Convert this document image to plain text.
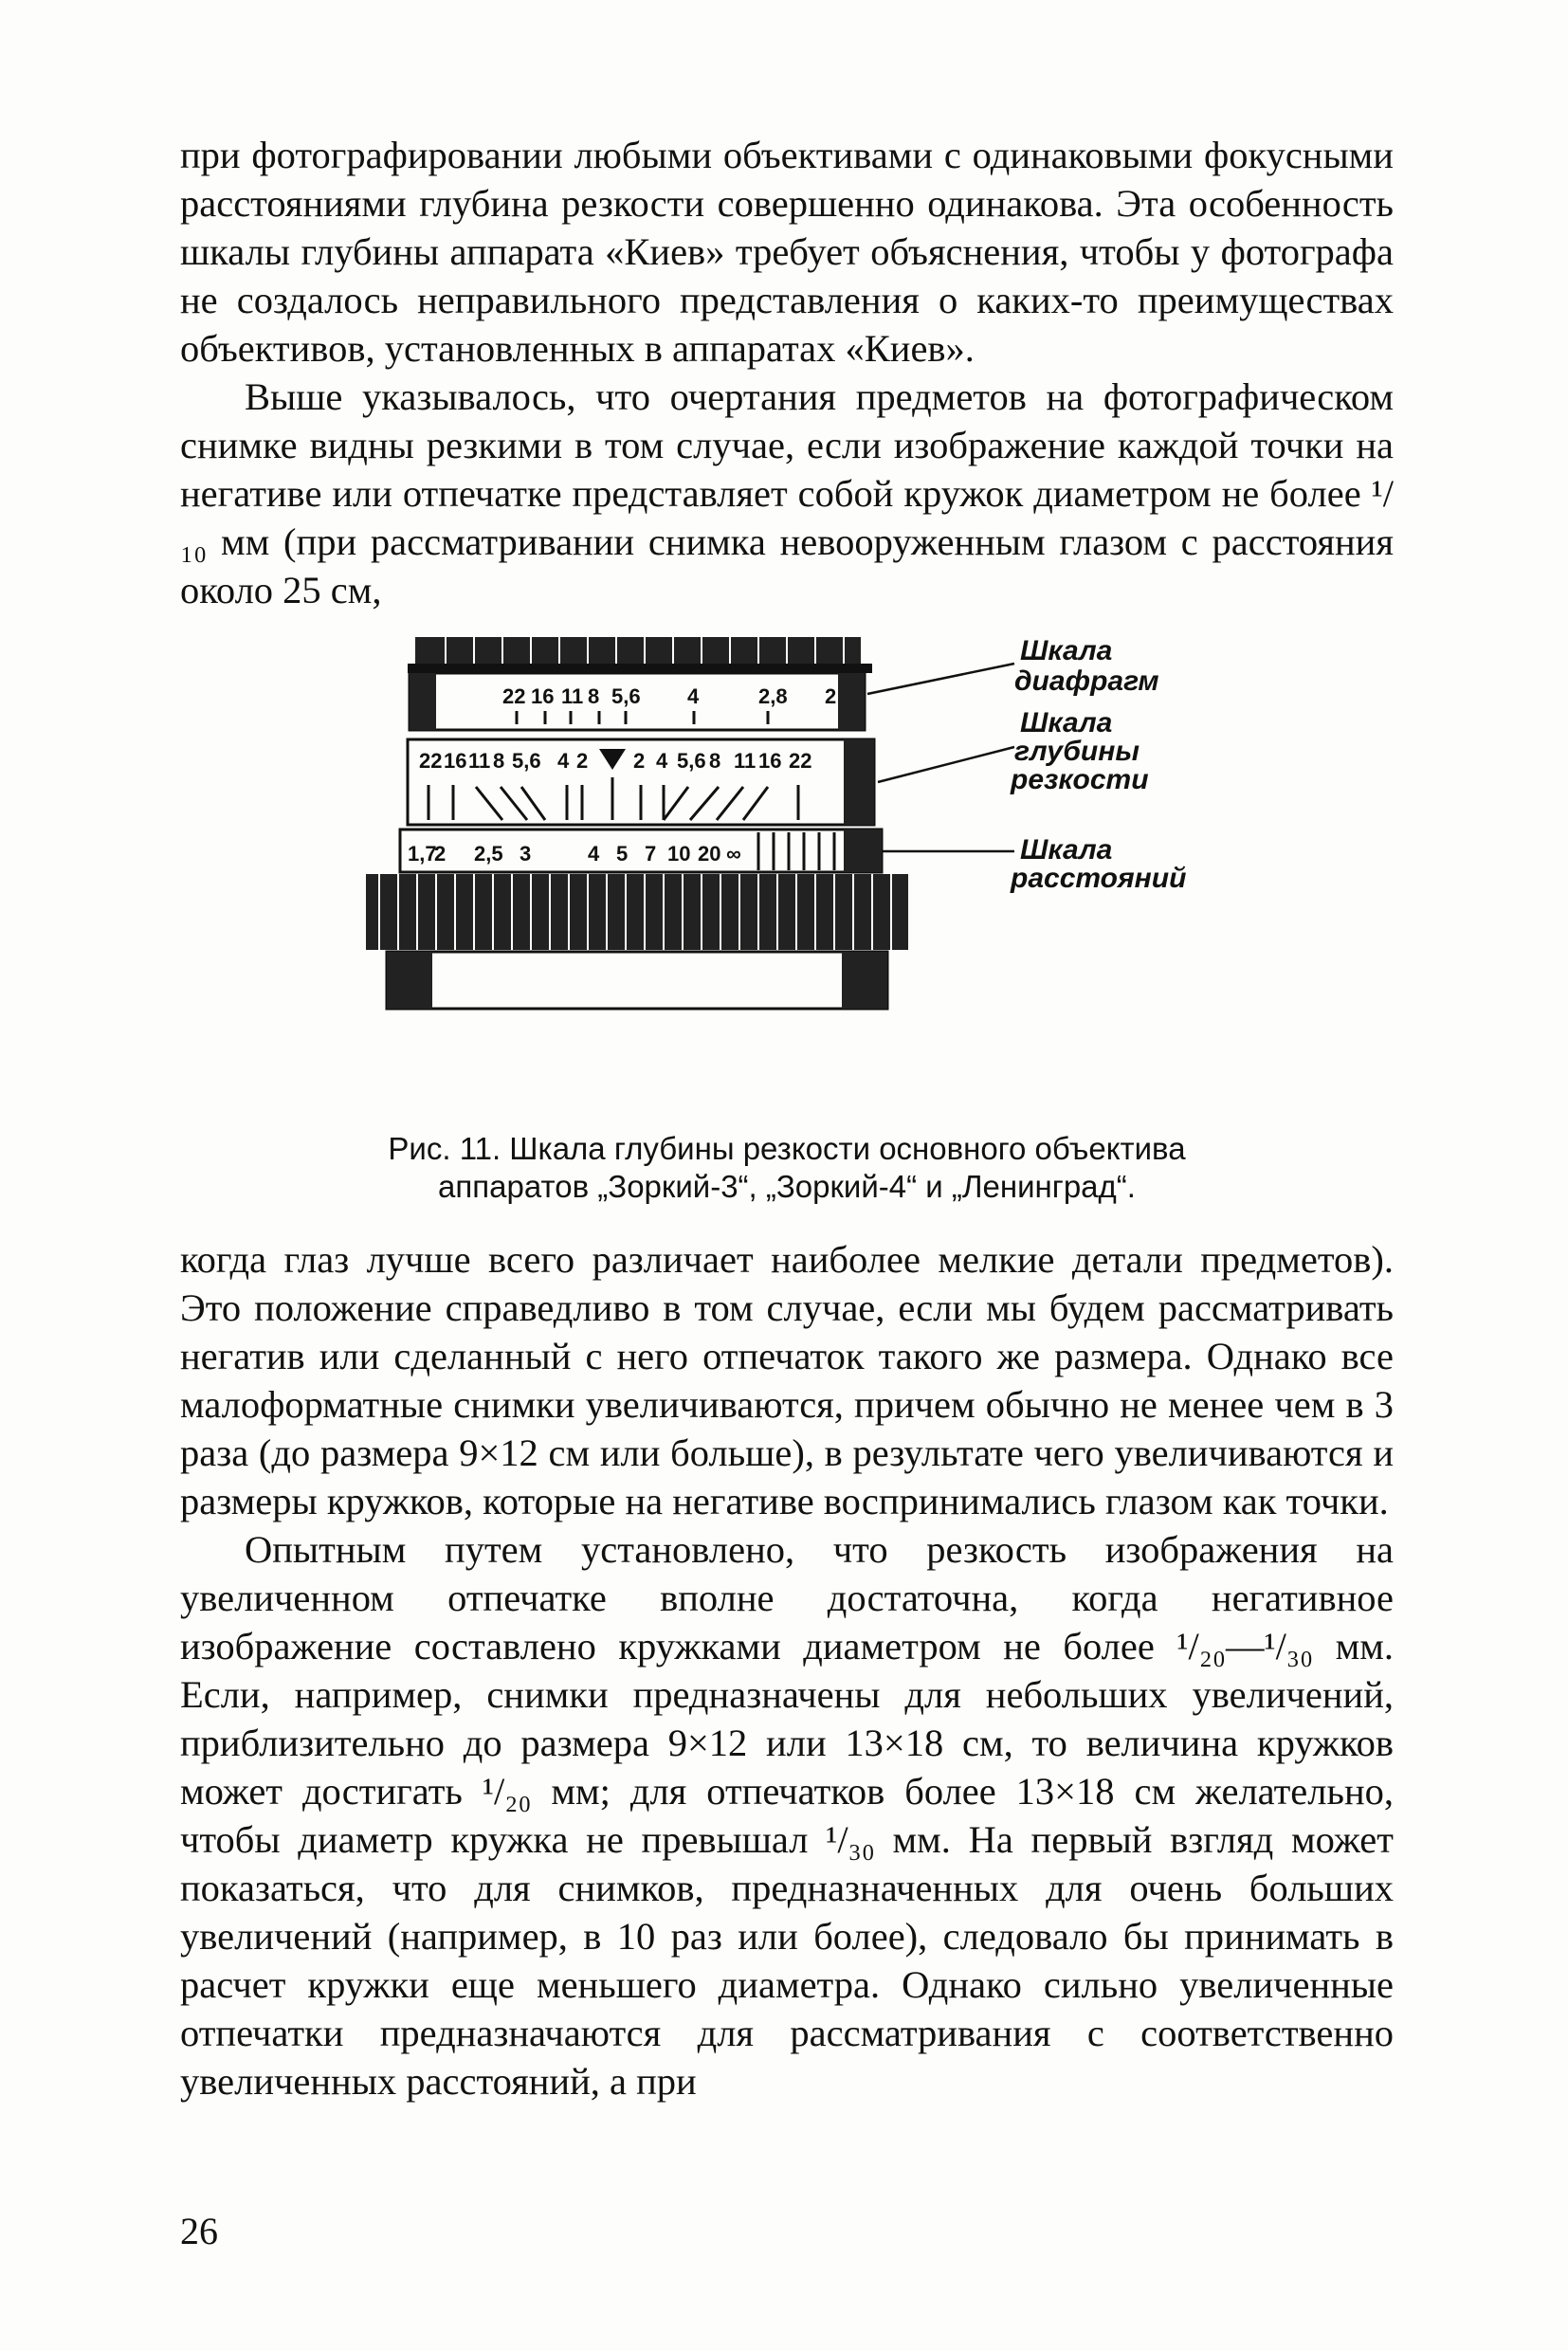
при фотографировании любыми объективами с одинаковыми фокусными расстояниями глубина резкости совершенно одинакова. Эта особенность шкалы глубины аппарата «Киев» требует объяснения, чтобы у фотографа не создалось неправильного представления о каких-то преимуществах объективов, установленных в аппаратах «Киев».

Выше указывалось, что очертания предметов на фотографическом снимке видны резкими в том случае, если изображение каждой точки на негативе или отпечатке представляет собой кружок диаметром не более ¹/₁₀ мм (при рассматривании снимка невооруженным глазом с расстояния около 25 см,

22 16 11 8 5,6 4	2,8 2
22 16 11 8 5,6 4 2 2 4 5,6 8 11 16 22
1,7
2 2,5 3	4 5 7 10 20 ∞
Шкала
диафрагм
Шкала
глубины
резкости
Шкала
расстояний
Рис. 11. Шкала глубины резкости основного объектива
аппаратов „Зоркий-3“, „Зоркий-4“ и „Ленинград“.

когда глаз лучше всего различает наиболее мелкие детали предметов). Это положение справедливо в том случае, если мы будем рассматривать негатив или сделанный с него отпечаток такого же размера. Однако все малоформатные снимки увеличиваются, причем обычно не менее чем в 3 раза (до размера 9×12 см или больше), в результате чего увеличиваются и размеры кружков, которые на негативе воспринимались глазом как точки.

Опытным путем установлено, что резкость изображения на увеличенном отпечатке вполне достаточна, когда негативное изображение составлено кружками диаметром не более ¹/₂₀—¹/₃₀ мм. Если, например, снимки предназначены для небольших увеличений, приблизительно до размера 9×12 или 13×18 см, то величина кружков может достигать ¹/₂₀ мм; для отпечатков более 13×18 см желательно, чтобы диаметр кружка не превышал ¹/₃₀ мм. На первый взгляд может показаться, что для снимков, предназначенных для очень больших увеличений (например, в 10 раз или более), следовало бы принимать в расчет кружки еще меньшего диаметра. Однако сильно увеличенные отпечатки предназначаются для рассматривания с соответственно увеличенных расстояний, а при

26
